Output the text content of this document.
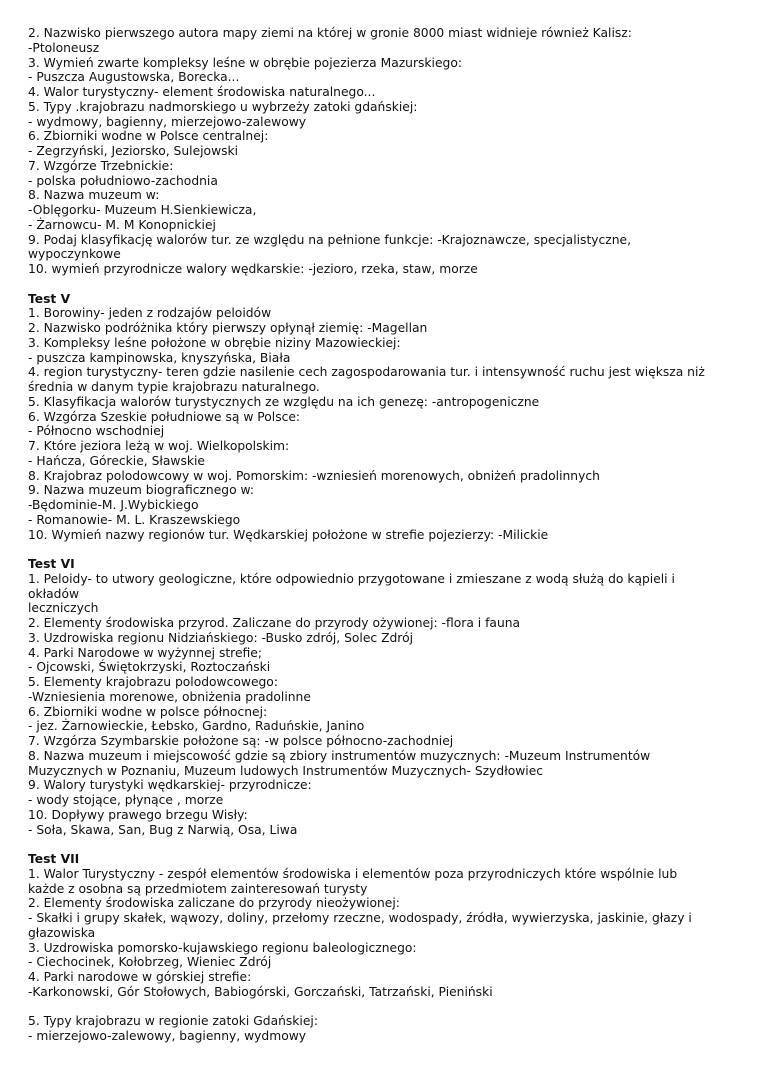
2. Nazwisko pierwszego autora mapy ziemi na której w gronie 8000 miast widnieje również Kalisz:
-Ptoloneusz
3. Wymień zwarte kompleksy leśne w obrębie pojezierza Mazurskiego:
- Puszcza Augustowska, Borecka...
4. Walor turystyczny- element środowiska naturalnego...
5. Typy .krajobrazu nadmorskiego u wybrzeży zatoki gdańskiej:
- wydmowy, bagienny, mierzejowo-zalewowy
6. Zbiorniki wodne w Polsce centralnej:
- Zegrzyński, Jeziorsko, Sulejowski
7. Wzgórze Trzebnickie:
- polska południowo-zachodnia
8. Nazwa muzeum w:
-Oblęgorku- Muzeum H.Sienkiewicza,
- Żarnowcu- M. M Konopnickiej
9. Podaj klasyfikację walorów tur. ze względu na pełnione funkcje: -Krajoznawcze, specjalistyczne,
wypoczynkowe
10. wymień przyrodnicze walory wędkarskie: -jezioro, rzeka, staw, morze
Test V
1. Borowiny- jeden z rodzajów peloidów
2. Nazwisko podróżnika który pierwszy opłynął ziemię: -Magellan
3. Kompleksy leśne położone w obrębie niziny Mazowieckiej:
- puszcza kampinowska, knyszyńska, Biała
4. region turystyczny- teren gdzie nasilenie cech zagospodarowania tur. i intensywność ruchu jest większa niż
średnia w danym typie krajobrazu naturalnego.
5. Klasyfikacja walorów turystycznych ze względu na ich genezę: -antropogeniczne
6. Wzgórza Szeskie południowe są w Polsce:
- Północno wschodniej
7. Które jeziora leżą w woj. Wielkopolskim:
- Hańcza, Góreckie, Sławskie
8. Krajobraz polodowcowy w woj. Pomorskim: -wzniesień morenowych, obniżeń pradolinnych
9. Nazwa muzeum biograficznego w:
-Będominie-M. J.Wybickiego
- Romanowie- M. L. Kraszewskiego
10. Wymień nazwy regionów tur. Wędkarskiej położone w strefie pojezierzy: -Milickie
Test VI
1. Peloidy- to utwory geologiczne, które odpowiednio przygotowane i zmieszane z wodą służą do kąpieli i
okładów
leczniczych
2. Elementy środowiska przyrod. Zaliczane do przyrody ożywionej: -flora i fauna
3. Uzdrowiska regionu Nidziańskiego: -Busko zdrój, Solec Zdrój
4. Parki Narodowe w wyżynnej strefie;
- Ojcowski, Świętokrzyski, Roztoczański
5. Elementy krajobrazu polodowcowego:
-Wzniesienia morenowe, obniżenia pradolinne
6. Zbiorniki wodne w polsce północnej:
- jez. Żarnowieckie, Łebsko, Gardno, Raduńskie, Janino
7. Wzgórza Szymbarskie położone są: -w polsce północno-zachodniej
8. Nazwa muzeum i miejscowość gdzie są zbiory instrumentów muzycznych: -Muzeum Instrumentów
Muzycznych w Poznaniu, Muzeum ludowych Instrumentów Muzycznych- Szydłowiec
9. Walory turystyki wędkarskiej- przyrodnicze:
- wody stojące, płynące , morze
10. Dopływy prawego brzegu Wisły:
- Soła, Skawa, San, Bug z Narwią, Osa, Liwa
Test VII
1. Walor Turystyczny - zespół elementów środowiska i elementów poza przyrodniczych które wspólnie lub
każde z osobna są przedmiotem zainteresowań turysty
2. Elementy środowiska zaliczane do przyrody nieożywionej:
- Skałki i grupy skałek, wąwozy, doliny, przełomy rzeczne, wodospady, źródła, wywierzyska, jaskinie, głazy i
głazowiska
3. Uzdrowiska pomorsko-kujawskiego regionu baleologicznego:
- Ciechocinek, Kołobrzeg, Wieniec Zdrój
4. Parki narodowe w górskiej strefie:
-Karkonowski, Gór Stołowych, Babiogórski, Gorczański, Tatrzański, Pieniński
5. Typy krajobrazu w regionie zatoki Gdańskiej:
- mierzejowo-zalewowy, bagienny, wydmowy
